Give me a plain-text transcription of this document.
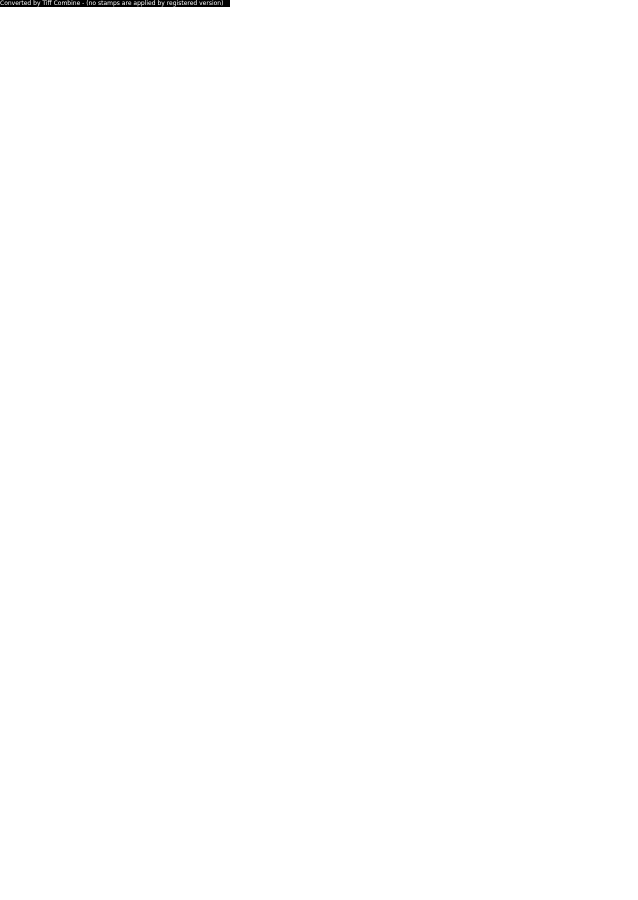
Converted by Tiff Combine - (no stamps are applied by registered version)
